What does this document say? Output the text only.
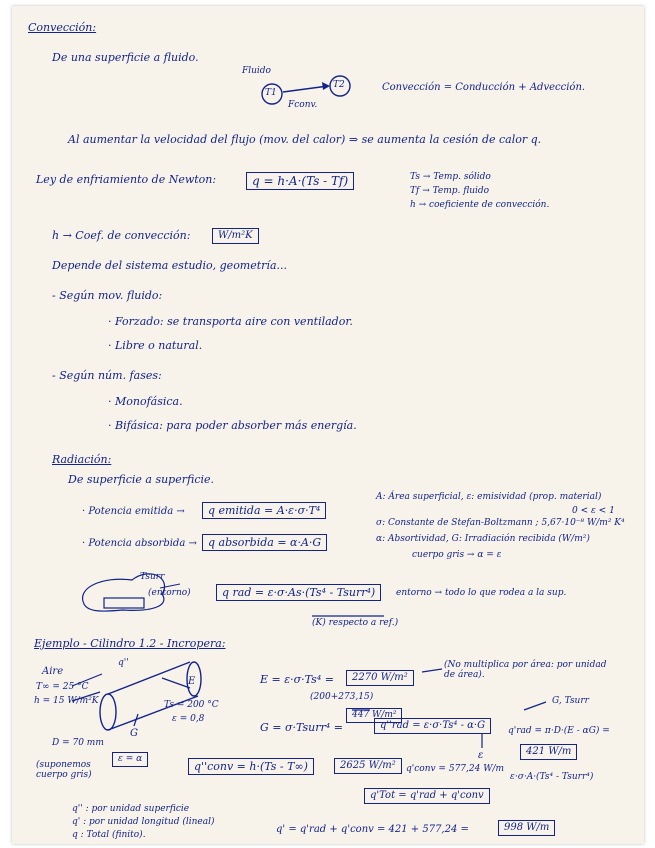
Convección:
De una superficie a fluido.
Fluido
T1
T2
Fconv.
Convección = Conducción + Advección.
Al aumentar la velocidad del flujo (mov. del calor) ⇒ se aumenta la cesión de calor q.
Ley de enfriamiento de Newton:	q = h·A·(Ts - Tf)	Ts → Temp. sólido
Tf → Temp. fluido
h → coeficiente de convección.
h → Coef. de convección:	W/m²K
Depende del sistema estudio, geometría...
- Según mov. fluido:
· Forzado: se transporta aire con ventilador.
· Libre o natural.
- Según núm. fases:
· Monofásica.
· Bifásica: para poder absorber más energía.
Radiación:
De superficie a superficie.
· Potencia emitida →	q emitida = A·ε·σ·T⁴
· Potencia absorbida →	q absorbida = α·A·G
A: Área superficial, ε: emisividad (prop. material)
0 < ε < 1
σ: Constante de Stefan-Boltzmann ; 5,67·10⁻⁸ W/m² K⁴
α: Absortividad, G: Irradiación recibida (W/m²)
cuerpo gris → α = ε
Tsurr
(entorno)	q rad = ε·σ·As·(Ts⁴ - Tsurr⁴)
(K) respecto a ref.)
entorno → todo lo que rodea a la sup.
Ejemplo - Cilindro 1.2 - Incropera:
Aire
T∞ = 25 °C
h = 15 W/m²K
q''
E
G
Ts = 200 °C
ε = 0,8
D = 70 mm
(suponemos cuerpo gris)
ε = α
E = ε·σ·Ts⁴ =	2270 W/m²
(200+273,15)
(No multiplica por área: por unidad de área).
G = σ·Tsurr⁴ =
447 W/m²
q''rad = ε·σ·Ts⁴ - α·G
G, Tsurr
ε
q'rad = π·D·(E - αG) =
421 W/m
ε·σ·A·(Ts⁴ - Tsurr⁴)
q''conv = h·(Ts - T∞)	2625 W/m²	q'conv = 577,24 W/m
q'Tot = q'rad + q'conv
q'' : por unidad superficie
q' : por unidad longitud (lineal)
q : Total (finito).	q' = q'rad + q'conv = 421 + 577,24 =	998 W/m
